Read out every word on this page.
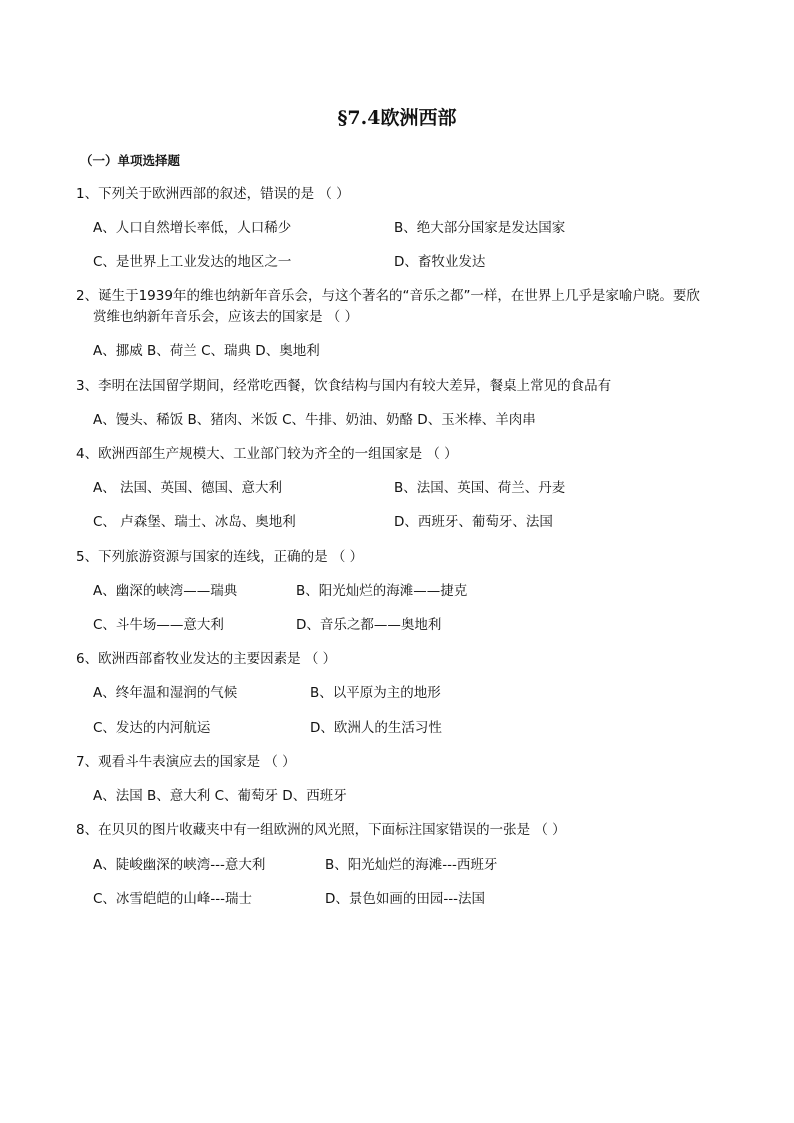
§7.4欧洲西部
（一）单项选择题
1、下列关于欧洲西部的叙述，错误的是 （ ）
A、人口自然增长率低，人口稀少	B、绝大部分国家是发达国家
C、是世界上工业发达的地区之一	D、畜牧业发达
2、诞生于1939年的维也纳新年音乐会，与这个著名的“音乐之都”一样，在世界上几乎是家喻户晓。要欣
赏维也纳新年音乐会，应该去的国家是 （ ）
A、挪威 B、荷兰 C、瑞典 D、奥地利
3、李明在法国留学期间，经常吃西餐，饮食结构与国内有较大差异，餐桌上常见的食品有
A、馒头、稀饭 B、猪肉、米饭 C、牛排、奶油、奶酪 D、玉米棒、羊肉串
4、欧洲西部生产规模大、工业部门较为齐全的一组国家是 （ ）
A、 法国、英国、德国、意大利	B、法国、英国、荷兰、丹麦
C、 卢森堡、瑞士、冰岛、奥地利	D、西班牙、葡萄牙、法国
5、下列旅游资源与国家的连线，正确的是 （ ）
A、幽深的峡湾——瑞典	B、阳光灿烂的海滩——捷克
C、斗牛场——意大利	D、音乐之都——奥地利
6、欧洲西部畜牧业发达的主要因素是 （ ）
A、终年温和湿润的气候	B、以平原为主的地形
C、发达的内河航运	D、欧洲人的生活习性
7、观看斗牛表演应去的国家是 （ ）
A、法国 B、意大利 C、葡萄牙 D、西班牙
8、在贝贝的图片收藏夹中有一组欧洲的风光照，下面标注国家错误的一张是 （ ）
A、陡峻幽深的峡湾---意大利	B、阳光灿烂的海滩---西班牙
C、冰雪皑皑的山峰---瑞士	D、景色如画的田园---法国
